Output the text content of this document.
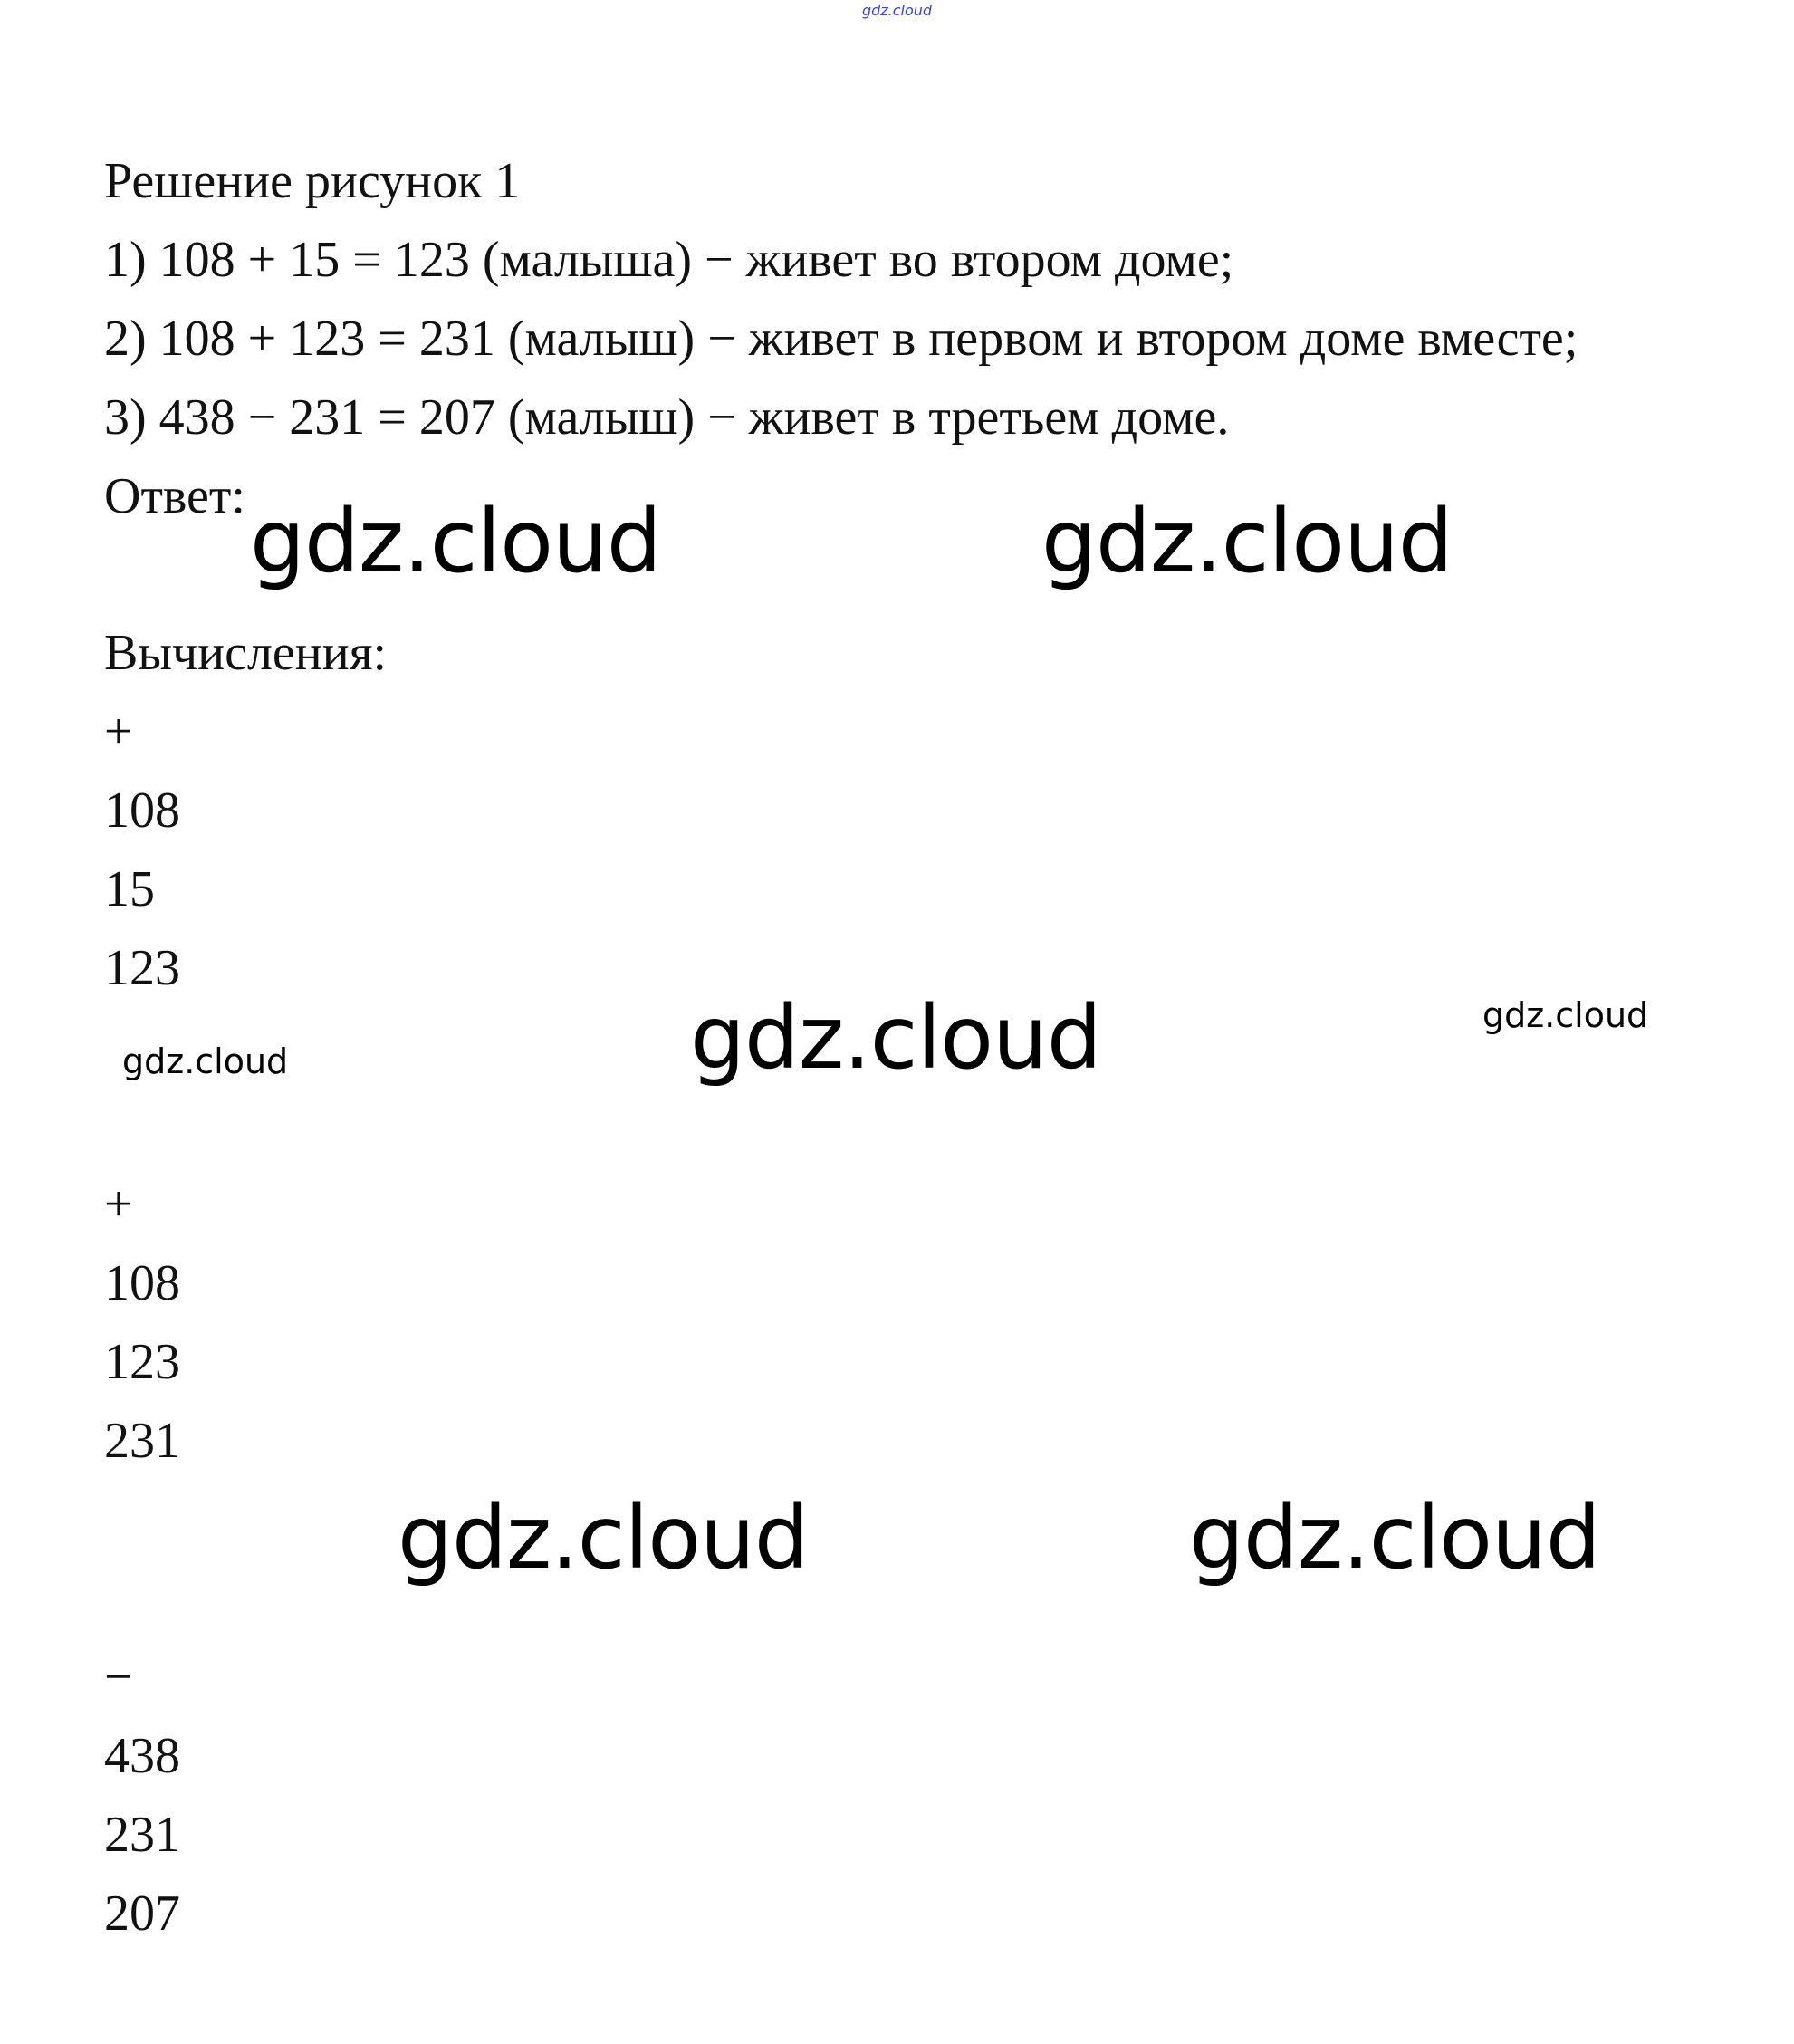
gdz.cloud
Решение рисунок 1
1) 108 + 15 = 123 (малыша) − живет во втором доме;
2) 108 + 123 = 231 (малыш) − живет в первом и втором доме вместе;
3) 438 − 231 = 207 (малыш) − живет в третьем доме.
Ответ:
Вычисления:
+
108
15
123
+
108
123
231
−
438
231
207
gdz.cloud	gdz.cloud
gdz.cloud	gdz.cloud
gdz.cloud
gdz.cloud	gdz.cloud
